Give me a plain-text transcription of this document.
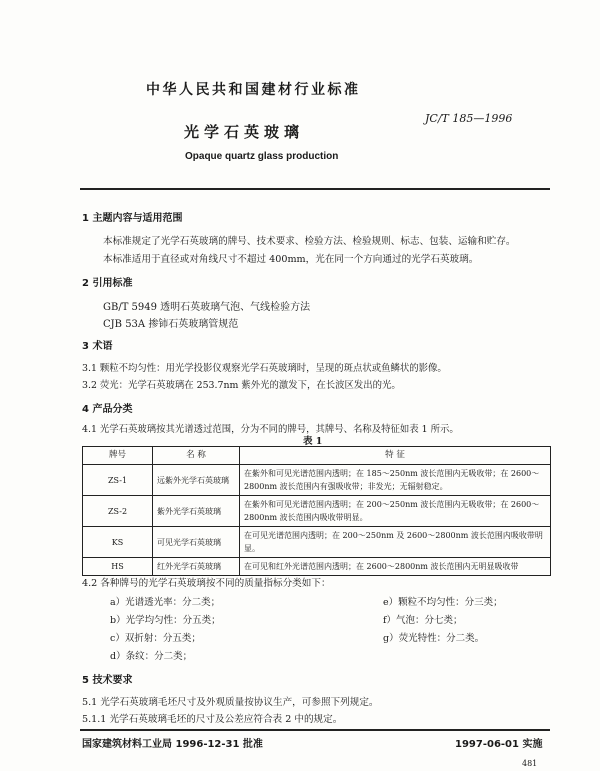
中华人民共和国建材行业标准
JC/T 185—1996
光学石英玻璃
Opaque quartz glass production
1 主题内容与适用范围
本标准规定了光学石英玻璃的牌号、技术要求、检验方法、检验规则、标志、包装、运输和贮存。
本标准适用于直径或对角线尺寸不超过 400mm，光在同一个方向通过的光学石英玻璃。
2 引用标准
GB/T 5949 透明石英玻璃气泡、气线检验方法
CJB 53A 掺铈石英玻璃管规范
3 术语
3.1 颗粒不均匀性：用光学投影仪观察光学石英玻璃时，呈现的斑点状或鱼鳞状的影像。
3.2 荧光：光学石英玻璃在 253.7nm 紫外光的激发下，在长波区发出的光。
4 产品分类
4.1 光学石英玻璃按其光谱透过范围，分为不同的牌号，其牌号、名称及特征如表 1 所示。
表 1
牌号	名 称	特 征
ZS-1	远紫外光学石英玻璃	在紫外和可见光谱范围内透明；在 185～250nm 波长范围内无吸收带；在 2600～2800nm 波长范围内有强吸收带；非发光；无辐射稳定。
ZS-2	紫外光学石英玻璃	在紫外和可见光谱范围内透明；在 200～250nm 波长范围内无吸收带；在 2600～2800nm 波长范围内吸收带明显。
KS	可见光学石英玻璃	在可见光谱范围内透明；在 200～250nm 及 2600～2800nm 波长范围内吸收带明显。
HS	红外光学石英玻璃	在可见和红外光谱范围内透明；在 2600～2800nm 波长范围内无明显吸收带
4.2 各种牌号的光学石英玻璃按不同的质量指标分类如下：
a）光谱透光率：分二类；
b）光学均匀性：分五类；
c）双折射：分五类；
d）条纹：分二类；
e）颗粒不均匀性：分三类；
f）气泡：分七类；
g）荧光特性：分二类。
5 技术要求
5.1 光学石英玻璃毛坯尺寸及外观质量按协议生产，可参照下列规定。
5.1.1 光学石英玻璃毛坯的尺寸及公差应符合表 2 中的规定。
国家建筑材料工业局 1996-12-31 批准	1997-06-01 实施
481
